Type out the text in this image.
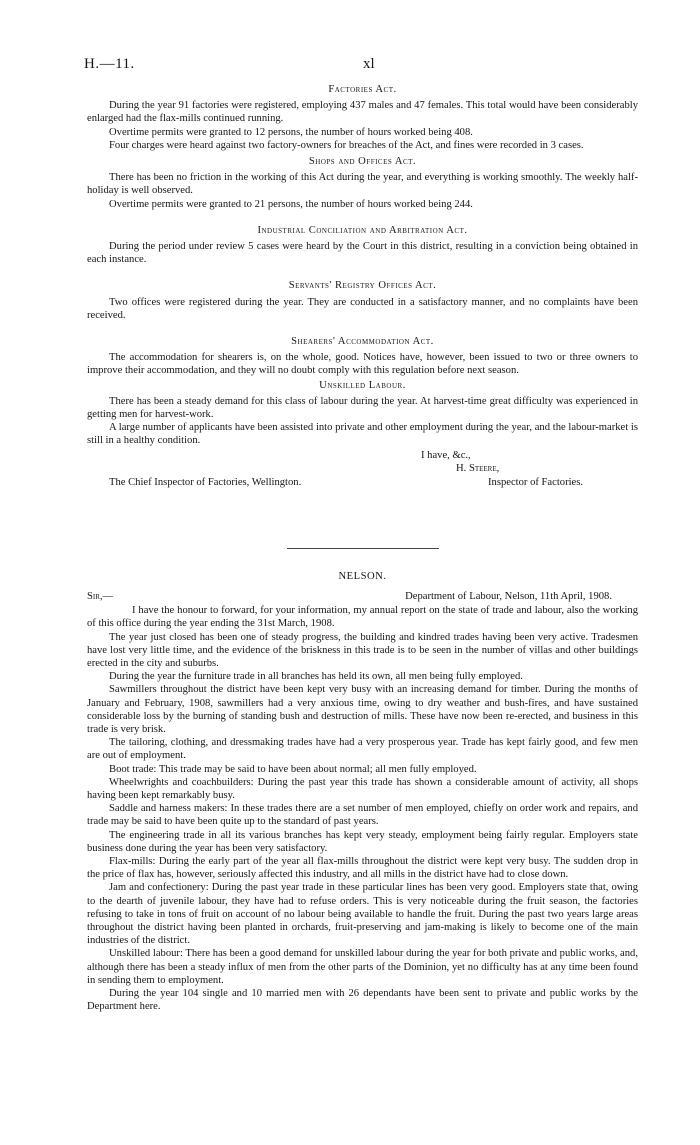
H.—11.	xl
Factories Act.

During the year 91 factories were registered, employing 437 males and 47 females. This total would have been considerably enlarged had the flax-mills continued running.

Overtime permits were granted to 12 persons, the number of hours worked being 408.

Four charges were heard against two factory-owners for breaches of the Act, and fines were recorded in 3 cases.

Shops and Offices Act.

There has been no friction in the working of this Act during the year, and everything is working smoothly. The weekly half-holiday is well observed.

Overtime permits were granted to 21 persons, the number of hours worked being 244.

Industrial Conciliation and Arbitration Act.

During the period under review 5 cases were heard by the Court in this district, resulting in a conviction being obtained in each instance.

Servants' Registry Offices Act.

Two offices were registered during the year. They are conducted in a satisfactory manner, and no complaints have been received.

Shearers' Accommodation Act.

The accommodation for shearers is, on the whole, good. Notices have, however, been issued to two or three owners to improve their accommodation, and they will no doubt comply with this regulation before next season.

Unskilled Labour.

There has been a steady demand for this class of labour during the year. At harvest-time great difficulty was experienced in getting men for harvest-work.

A large number of applicants have been assisted into private and other employment during the year, and the labour-market is still in a healthy condition.

I have, &c.,
H. Steere,
The Chief Inspector of Factories, Wellington.	Inspector of Factories.
NELSON.
Sir,—	Department of Labour, Nelson, 11th April, 1908.

I have the honour to forward, for your information, my annual report on the state of trade and labour, also the working of this office during the year ending the 31st March, 1908.

The year just closed has been one of steady progress, the building and kindred trades having been very active. Tradesmen have lost very little time, and the evidence of the briskness in this trade is to be seen in the number of villas and other buildings erected in the city and suburbs.

During the year the furniture trade in all branches has held its own, all men being fully employed.

Sawmillers throughout the district have been kept very busy with an increasing demand for timber. During the months of January and February, 1908, sawmillers had a very anxious time, owing to dry weather and bush-fires, and have sustained considerable loss by the burning of standing bush and destruction of mills. These have now been re-erected, and business in this trade is very brisk.

The tailoring, clothing, and dressmaking trades have had a very prosperous year. Trade has kept fairly good, and few men are out of employment.

Boot trade: This trade may be said to have been about normal; all men fully employed.

Wheelwrights and coachbuilders: During the past year this trade has shown a considerable amount of activity, all shops having been kept remarkably busy.

Saddle and harness makers: In these trades there are a set number of men employed, chiefly on order work and repairs, and trade may be said to have been quite up to the standard of past years.

The engineering trade in all its various branches has kept very steady, employment being fairly regular. Employers state business done during the year has been very satisfactory.

Flax-mills: During the early part of the year all flax-mills throughout the district were kept very busy. The sudden drop in the price of flax has, however, seriously affected this industry, and all mills in the district have had to close down.

Jam and confectionery: During the past year trade in these particular lines has been very good. Employers state that, owing to the dearth of juvenile labour, they have had to refuse orders. This is very noticeable during the fruit season, the factories refusing to take in tons of fruit on account of no labour being available to handle the fruit. During the past two years large areas throughout the district having been planted in orchards, fruit-preserving and jam-making is likely to become one of the main industries of the district.

Unskilled labour: There has been a good demand for unskilled labour during the year for both private and public works, and, although there has been a steady influx of men from the other parts of the Dominion, yet no difficulty has at any time been found in sending them to employment.

During the year 104 single and 10 married men with 26 dependants have been sent to private and public works by the Department here.
